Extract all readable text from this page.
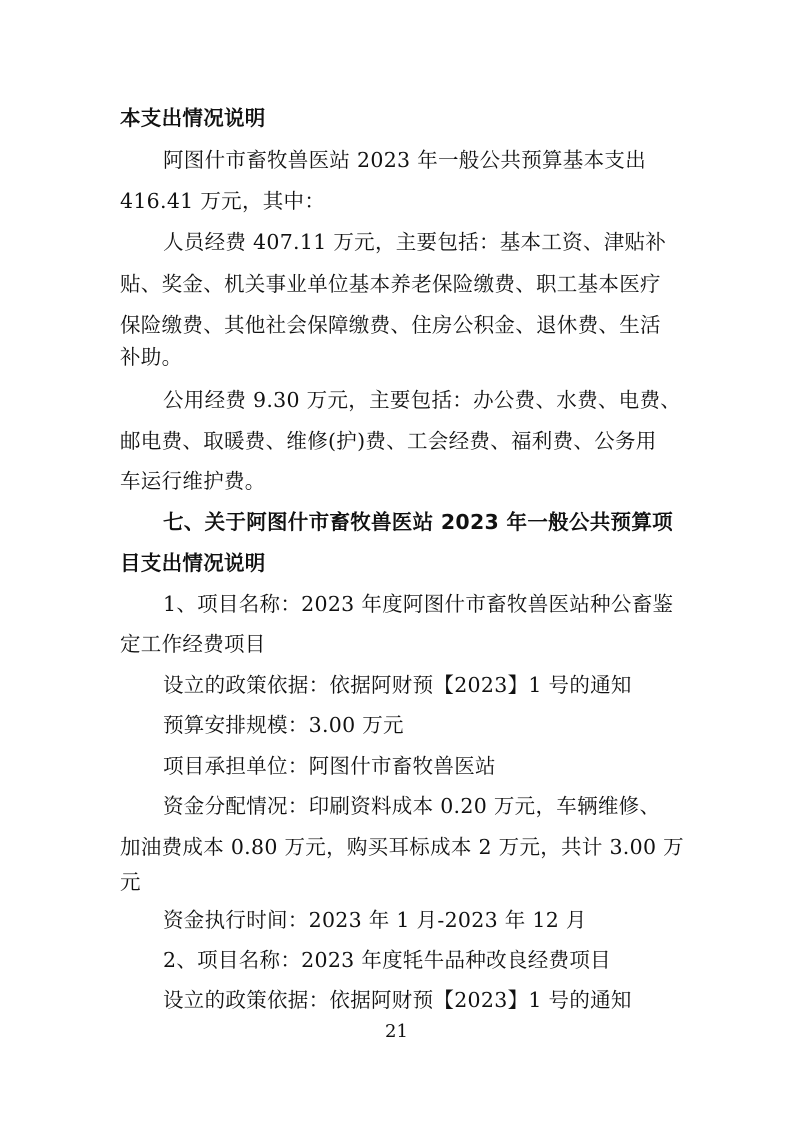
本支出情况说明
阿图什市畜牧兽医站 2023 年一般公共预算基本支出
416.41 万元，其中：
人员经费 407.11 万元，主要包括：基本工资、津贴补
贴、奖金、机关事业单位基本养老保险缴费、职工基本医疗
保险缴费、其他社会保障缴费、住房公积金、退休费、生活
补助。
公用经费 9.30 万元，主要包括：办公费、水费、电费、
邮电费、取暖费、维修(护)费、工会经费、福利费、公务用
车运行维护费。
七、关于阿图什市畜牧兽医站 2023 年一般公共预算项
目支出情况说明
1、项目名称：2023 年度阿图什市畜牧兽医站种公畜鉴
定工作经费项目
设立的政策依据：依据阿财预【2023】1 号的通知
预算安排规模：3.00 万元
项目承担单位：阿图什市畜牧兽医站
资金分配情况：印刷资料成本 0.20 万元，车辆维修、
加油费成本 0.80 万元，购买耳标成本 2 万元，共计 3.00 万
元
资金执行时间：2023 年 1 月-2023 年 12 月
2、项目名称：2023 年度牦牛品种改良经费项目
设立的政策依据：依据阿财预【2023】1 号的通知
21
